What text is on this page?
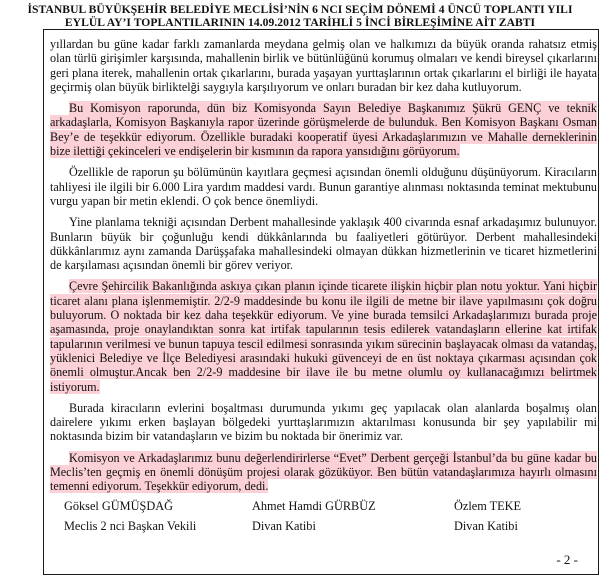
İSTANBUL BÜYÜKŞEHİR BELEDİYE MECLİSİ’NİN 6 NCI SEÇİM DÖNEMİ 4 ÜNCÜ TOPLANTI YILI
EYLÜL AY’I TOPLANTILARININ 14.09.2012 TARİHLİ 5 İNCİ BİRLEŞİMİNE AİT ZABTI

yıllardan bu güne kadar farklı zamanlarda meydana gelmiş olan ve halkımızı da büyük oranda rahatsız etmiş olan türlü girişimler karşısında, mahallenin birlik ve bütünlüğünü korumuş olmaları ve kendi bireysel çıkarlarını geri plana iterek, mahallenin ortak çıkarlarını, burada yaşayan yurttaşlarının ortak çıkarlarını el birliği ile hayata geçirmiş olan büyük birliktelği saygıyla karşılıyorum ve onları buradan bir kez daha kutluyorum.

Bu Komisyon raporunda, dün biz Komisyonda Sayın Belediye Başkanımız Şükrü GENÇ ve teknik arkadaşlarla, Komisyon Başkanıyla rapor üzerinde görüşmelerde de bulunduk. Ben Komisyon Başkanı Osman Bey’e de teşekkür ediyorum. Özellikle buradaki kooperatif üyesi Arkadaşlarımızın ve Mahalle derneklerinin bize ilettiği çekinceleri ve endişelerin bir kısmının da rapora yansıdığını görüyorum.

Özellikle de raporun şu bölümünün kayıtlara geçmesi açısından önemli olduğunu düşünüyorum. Kiracıların tahliyesi ile ilgili bir 6.000 Lira yardım maddesi vardı. Bunun garantiye alınması noktasında teminat mektubunu vurgu yapan bir metin eklendi. O çok bence önemliydi.

Yine planlama tekniği açısından Derbent mahallesinde yaklaşık 400 civarında esnaf arkadaşımız bulunuyor. Bunların büyük bir çoğunluğu kendi dükkânlarında bu faaliyetleri götürüyor. Derbent mahallesindeki dükkânlarımız aynı zamanda Darüşşafaka mahallesindeki olmayan dükkan hizmetlerinin ve ticaret hizmetlerini de karşılaması açısından önemli bir görev veriyor.

Çevre Şehircilik Bakanlığında askıya çıkan planın içinde ticarete ilişkin hiçbir plan notu yoktur. Yani hiçbir ticaret alanı plana işlenmemiştir. 2/2-9 maddesinde bu konu ile ilgili de metne bir ilave yapılmasını çok doğru buluyorum. O noktada bir kez daha teşekkür ediyorum. Ve yine burada temsilci Arkadaşlarımızı burada proje aşamasında, proje onaylandıktan sonra kat irtifak tapularının tesis edilerek vatandaşların ellerine kat irtifak tapularının verilmesi ve bunun tapuya tescil edilmesi sonrasında yıkım sürecinin başlayacak olması da vatandaş, yüklenici Belediye ve İlçe Belediyesi arasındaki hukuki güvenceyi de en üst noktaya çıkarması açısından çok önemli olmuştur.Ancak ben 2/2-9 maddesine bir ilave ile bu metne olumlu oy kullanacağımızı belirtmek istiyorum.

Burada kiracıların evlerini boşaltması durumunda yıkımı geç yapılacak olan alanlarda boşalmış olan dairelere yıkımı erken başlayan bölgedeki yurttaşlarımızın aktarılması konusunda bir şey yapılabilir mi noktasında bizim bir vatandaşların ve bizim bu noktada bir önerimiz var.

Komisyon ve Arkadaşlarımız bunu değerlendirirlerse “Evet” Derbent gerçeği İstanbul’da bu güne kadar bu Meclis’ten geçmiş en önemli dönüşüm projesi olarak gözüküyor. Ben bütün vatandaşlarımıza hayırlı olmasını temenni ediyorum. Teşekkür ediyorum, dedi.

Göksel GÜMÜŞDAĞ
Meclis 2 nci Başkan Vekili
Ahmet Hamdi GÜRBÜZ
Divan Katibi
Özlem TEKE
Divan Katibi
- 2 -
